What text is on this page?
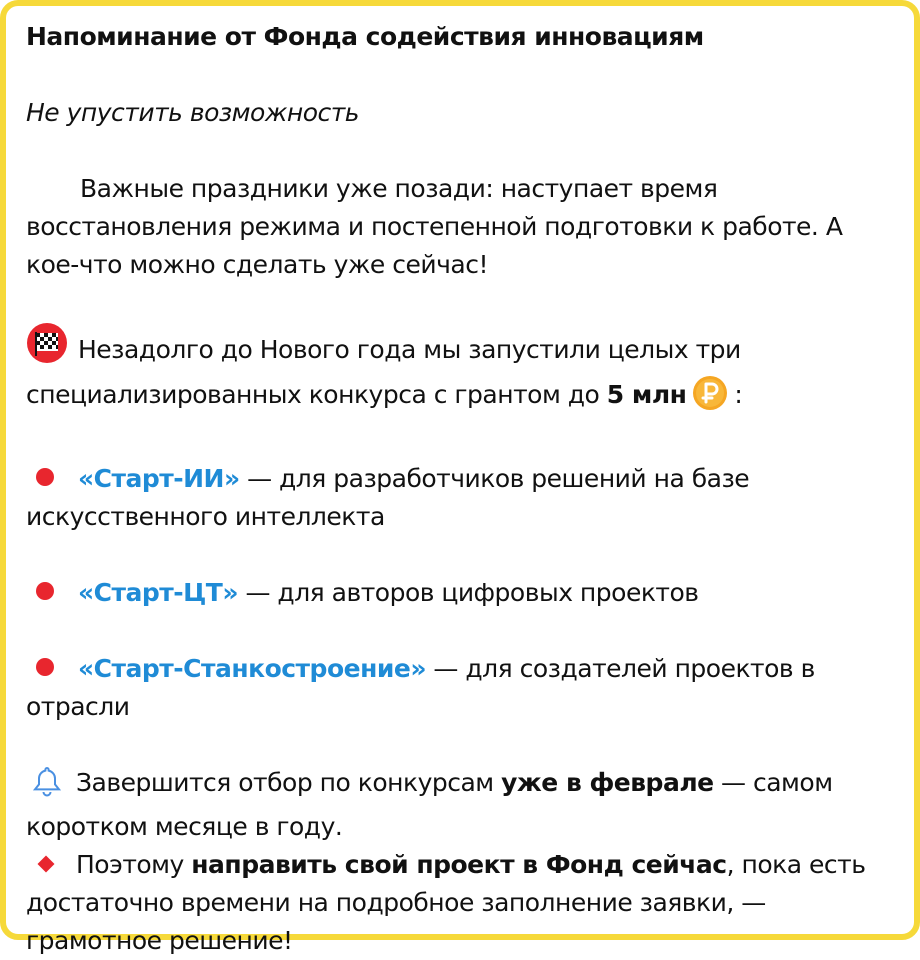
Напоминание от Фонда содействия инновациям
Не упустить возможность

Важные праздники уже позади: наступает время
восстановления режима и постепенной подготовки к работе. А
кое-что можно сделать уже сейчас!

Незадолго до Нового года мы запустили целых три
специализированных конкурса с грантом до 5 млн :

«Старт-ИИ» — для разработчиков решений на базе
искусственного интеллекта

«Старт-ЦТ» — для авторов цифровых проектов

«Старт-Станкостроение» — для создателей проектов в
отрасли

Завершится отбор по конкурсам уже в феврале — самом
коротком месяце в году.
Поэтому направить свой проект в Фонд сейчас, пока есть
достаточно времени на подробное заполнение заявки, —
грамотное решение!
